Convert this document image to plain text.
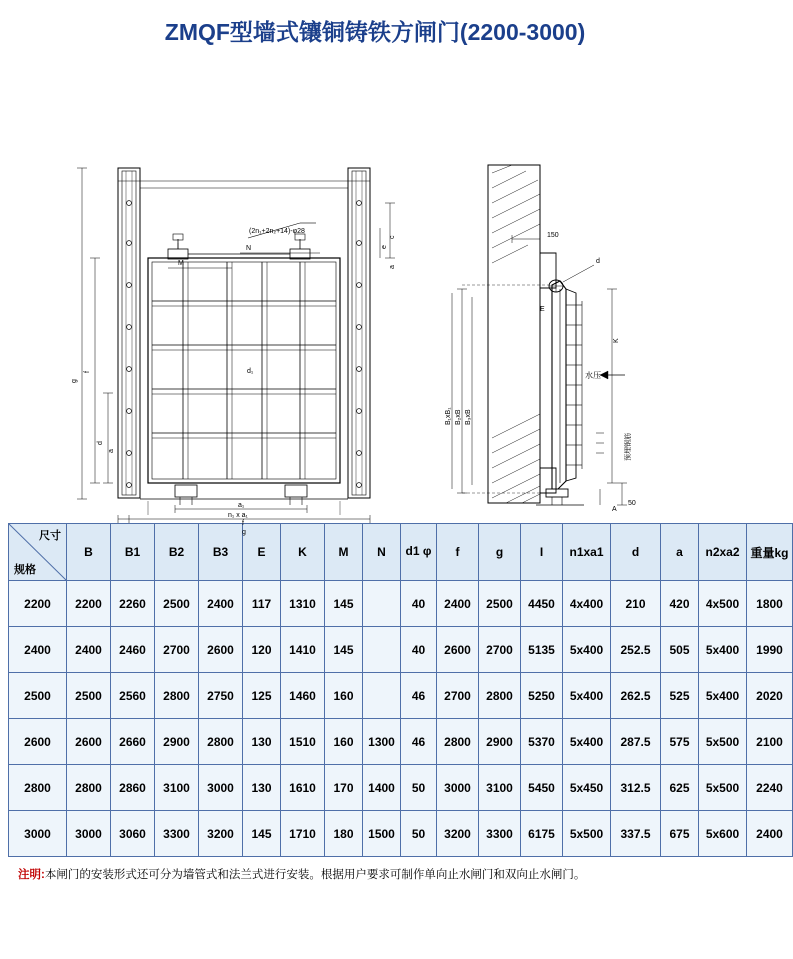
ZMQF型墙式镶铜铸铁方闸门(2200-3000)
(2n₁+2n₂+14)-φ28
M
N
g
f
d
a
a₁
n₁ x a₁
f
g
d₁
e
c
a
150
d
E
K
水压
预埋钢筋
50
B₁xB₁ B₂xB B₃xB
A
尺寸
规格	B	B1	B2	B3	E	K	M	N	d1 φ	f	g	I	n1xa1	d	a	n2xa2	重量kg
2200	2200	2260	2500	2400	117	1310	145		40	2400	2500	4450	4x400	210	420	4x500	1800
2400	2400	2460	2700	2600	120	1410	145		40	2600	2700	5135	5x400	252.5	505	5x400	1990
2500	2500	2560	2800	2750	125	1460	160		46	2700	2800	5250	5x400	262.5	525	5x400	2020
2600	2600	2660	2900	2800	130	1510	160	1300	46	2800	2900	5370	5x400	287.5	575	5x500	2100
2800	2800	2860	3100	3000	130	1610	170	1400	50	3000	3100	5450	5x450	312.5	625	5x500	2240
3000	3000	3060	3300	3200	145	1710	180	1500	50	3200	3300	6175	5x500	337.5	675	5x600	2400
注明:本闸门的安装形式还可分为墙管式和法兰式进行安装。根据用户要求可制作单向止水闸门和双向止水闸门。
